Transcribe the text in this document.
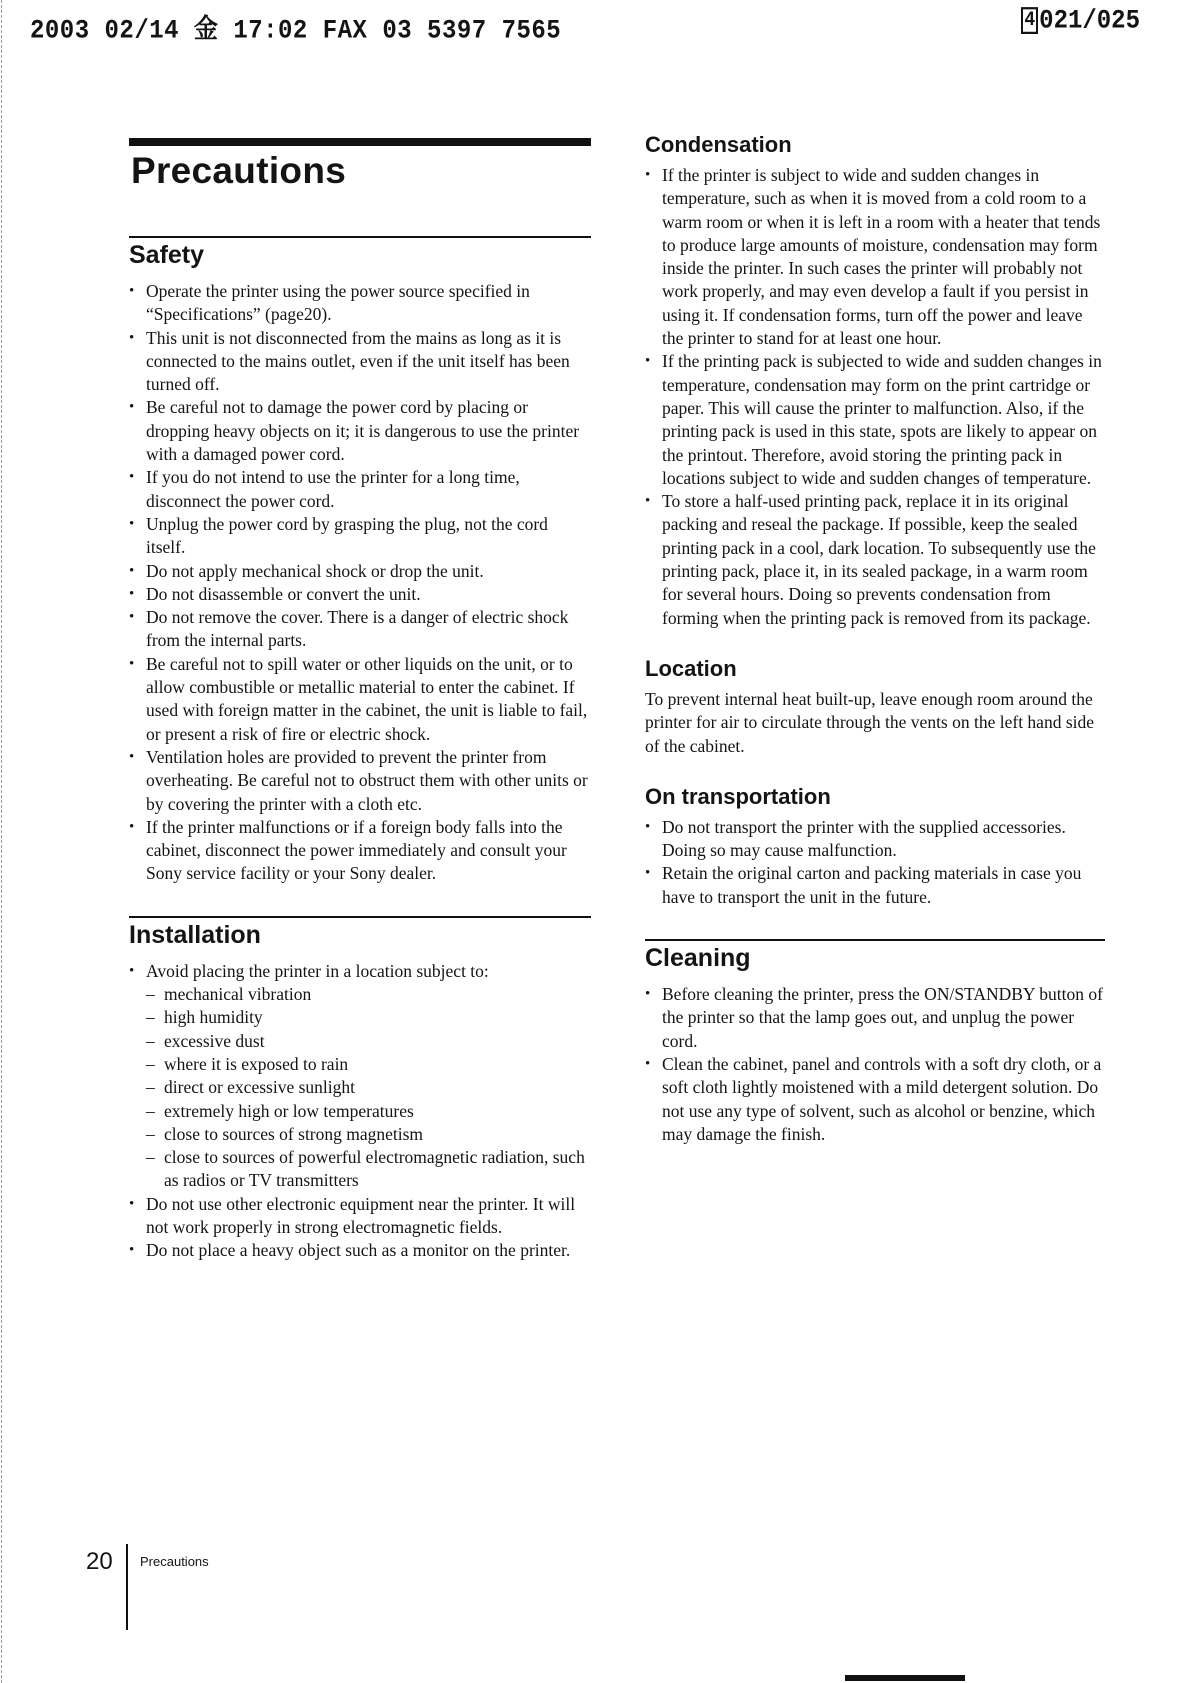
2003 02/14 金 17:02 FAX 03 5397 7565	4 021/025
Precautions
Safety
• Operate the printer using the power source specified in “Specifications” (page20).
• This unit is not disconnected from the mains as long as it is connected to the mains outlet, even if the unit itself has been turned off.
• Be careful not to damage the power cord by placing or dropping heavy objects on it; it is dangerous to use the printer with a damaged power cord.
• If you do not intend to use the printer for a long time, disconnect the power cord.
• Unplug the power cord by grasping the plug, not the cord itself.
• Do not apply mechanical shock or drop the unit.
• Do not disassemble or convert the unit.
• Do not remove the cover. There is a danger of electric shock from the internal parts.
• Be careful not to spill water or other liquids on the unit, or to allow combustible or metallic material to enter the cabinet. If used with foreign matter in the cabinet, the unit is liable to fail, or present a risk of fire or electric shock.
• Ventilation holes are provided to prevent the printer from overheating. Be careful not to obstruct them with other units or by covering the printer with a cloth etc.
• If the printer malfunctions or if a foreign body falls into the cabinet, disconnect the power immediately and consult your Sony service facility or your Sony dealer.
Installation
• Avoid placing the printer in a location subject to:
– mechanical vibration
– high humidity
– excessive dust
– where it is exposed to rain
– direct or excessive sunlight
– extremely high or low temperatures
– close to sources of strong magnetism
– close to sources of powerful electromagnetic radiation, such as radios or TV transmitters
• Do not use other electronic equipment near the printer. It will not work properly in strong electromagnetic fields.
• Do not place a heavy object such as a monitor on the printer.
Condensation
• If the printer is subject to wide and sudden changes in temperature, such as when it is moved from a cold room to a warm room or when it is left in a room with a heater that tends to produce large amounts of moisture, condensation may form inside the printer. In such cases the printer will probably not work properly, and may even develop a fault if you persist in using it. If condensation forms, turn off the power and leave the printer to stand for at least one hour.
• If the printing pack is subjected to wide and sudden changes in temperature, condensation may form on the print cartridge or paper. This will cause the printer to malfunction. Also, if the printing pack is used in this state, spots are likely to appear on the printout. Therefore, avoid storing the printing pack in locations subject to wide and sudden changes of temperature.
• To store a half-used printing pack, replace it in its original packing and reseal the package. If possible, keep the sealed printing pack in a cool, dark location. To subsequently use the printing pack, place it, in its sealed package, in a warm room for several hours. Doing so prevents condensation from forming when the printing pack is removed from its package.
Location

To prevent internal heat built-up, leave enough room around the printer for air to circulate through the vents on the left hand side of the cabinet.

On transportation
• Do not transport the printer with the supplied accessories. Doing so may cause malfunction.
• Retain the original carton and packing materials in case you have to transport the unit in the future.
Cleaning
• Before cleaning the printer, press the ON/STANDBY button of the printer so that the lamp goes out, and unplug the power cord.
• Clean the cabinet, panel and controls with a soft dry cloth, or a soft cloth lightly moistened with a mild detergent solution. Do not use any type of solvent, such as alcohol or benzine, which may damage the finish.
20 Precautions
